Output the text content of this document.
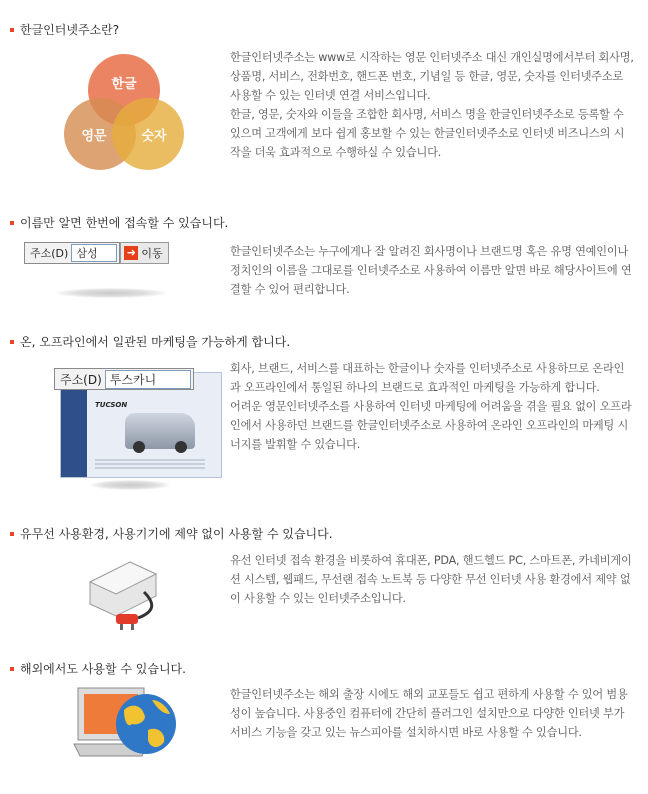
한글인터넷주소란?
한글
영문	숫자

한글인터넷주소는 www로 시작하는 영문 인터넷주소 대신 개인실명에서부터 회사명, 상품명, 서비스, 전화번호, 핸드폰 번호, 기념일 등 한글, 영문, 숫자를 인터넷주소로 사용할 수 있는 인터넷 연결 서비스입니다.

한글, 영문, 숫자와 이들을 조합한 회사명, 서비스 명을 한글인터넷주소로 등록할 수 있으며 고객에게 보다 쉽게 홍보할 수 있는 한글인터넷주소로 인터넷 비즈니스의 시작을 더욱 효과적으로 수행하실 수 있습니다.

이름만 알면 한번에 접속할 수 있습니다.
주소(D) 삼성	➜ 이동	한글인터넷주소는 누구에게나 잘 알려진 회사명이나 브랜드명 혹은 유명 연예인이나 정치인의 이름을 그대로를 인터넷주소로 사용하여 이름만 알면 바로 해당사이트에 연결할 수 있어 편리합니다.

온, 오프라인에서 일관된 마케팅을 가능하게 합니다.
TUCSON
주소(D) 투스카니

회사, 브랜드, 서비스를 대표하는 한글이나 숫자를 인터넷주소로 사용하므로 온라인과 오프라인에서 통일된 하나의 브랜드로 효과적인 마케팅을 가능하게 합니다.

어려운 영문인터넷주소를 사용하여 인터넷 마케팅에 어려움을 겪을 필요 없이 오프라인에서 사용하던 브랜드를 한글인터넷주소로 사용하여 온라인 오프라인의 마케팅 시너지를 발휘할 수 있습니다.

유무선 사용환경, 사용기기에 제약 없이 사용할 수 있습니다.

유선 인터넷 접속 환경을 비롯하여 휴대폰, PDA, 핸드헬드 PC, 스마트폰, 카네비게이션 시스템, 웹패드, 무선랜 접속 노트북 등 다양한 무선 인터넷 사용 환경에서 제약 없이 사용할 수 있는 인터넷주소입니다.

해외에서도 사용할 수 있습니다.

한글인터넷주소는 해외 출장 시에도 해외 교포들도 쉽고 편하게 사용할 수 있어 범용성이 높습니다. 사용중인 컴퓨터에 간단히 플러그인 설치만으로 다양한 인터넷 부가 서비스 기능을 갖고 있는 뉴스피아를 설치하시면 바로 사용할 수 있습니다.
